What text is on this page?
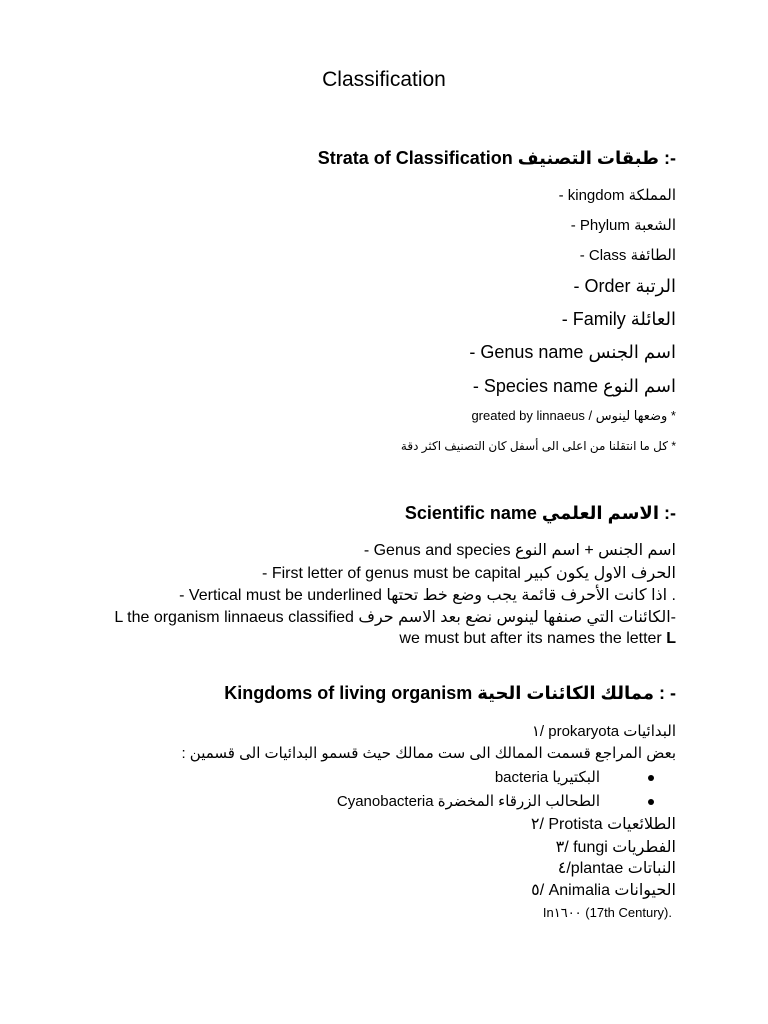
Classification
Strata of Classification طبقات التصنيف :-
- kingdom المملكة
- Phylum الشعبة
- Class الطائفة
- Order الرتبة
- Family العائلة
- Genus name اسم الجنس
- Species name اسم النوع
* وضعها لينوس / greated by linnaeus
* كل ما انتقلنا من اعلى الى أسفل كان التصنيف اكثر دقة
Scientific name الاسم العلمي :-
- Genus and species اسم الجنس + اسم النوع
- First letter of genus must be capital الحرف الاول يكون كبير
- Vertical must be underlined اذا كانت الأحرف قائمة يجب وضع خط تحتها .
-الكائنات التي صنفها لينوس نضع بعد الاسم حرف L the organism linnaeus classified
we must but after its names the letter L
Kingdoms of living organism ممالك الكائنات الحية : -
١/ prokaryota البدائيات
بعض المراجع قسمت الممالك الى ست ممالك حيث قسمو البدائيات الى قسمين :
bacteria البكتيريا
الطحالب الزرقاء المخضرة Cyanobacteria
٢/ Protista الطلائعيات
٣/ fungi الفطريات
٤/plantae النباتات
٥/ Animalia الحيوانات
In١٦٠٠ (17th Century).
